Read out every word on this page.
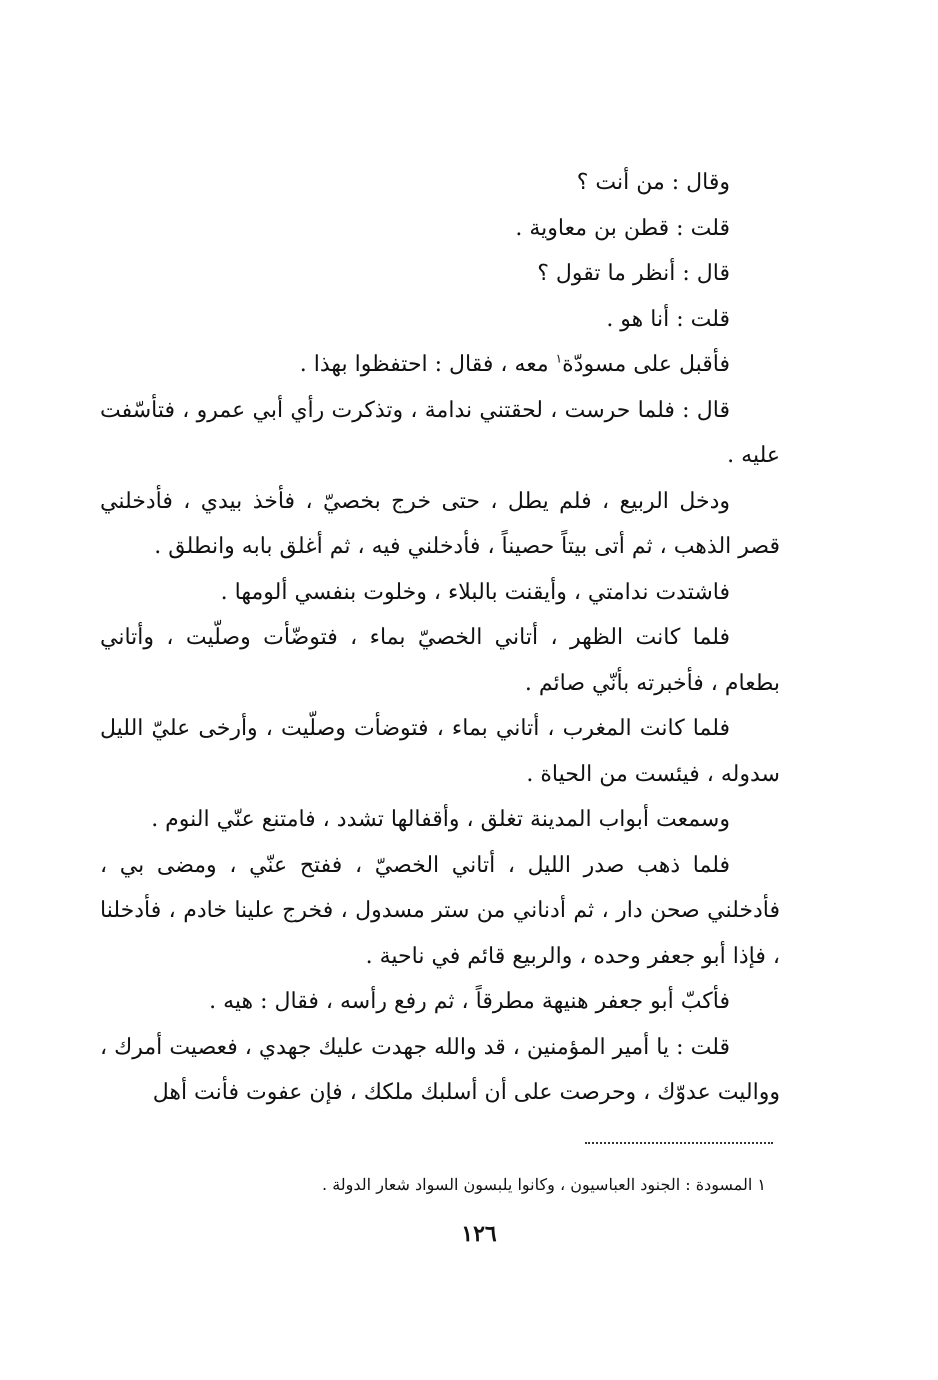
وقال : من أنت ؟

قلت : قطن بن معاوية .

قال : أنظر ما تقول ؟

قلت : أنا هو .

فأقبل على مسودّة$^١$ معه ، فقال : احتفظوا بهذا .

قال : فلما حرست ، لحقتني ندامة ، وتذكرت رأي أبي عمرو ، فتأسّفت عليه .

ودخل الربيع ، فلم يطل ، حتى خرج بخصيّ ، فأخذ بيدي ، فأدخلني قصر الذهب ، ثم أتى بيتاً حصيناً ، فأدخلني فيه ، ثم أغلق بابه وانطلق .

فاشتدت ندامتي ، وأيقنت بالبلاء ، وخلوت بنفسي ألومها .

فلما كانت الظهر ، أتاني الخصيّ بماء ، فتوضّأت وصلّيت ، وأتاني بطعام ، فأخبرته بأنّي صائم .

فلما كانت المغرب ، أتاني بماء ، فتوضأت وصلّيت ، وأرخى عليّ الليل سدوله ، فيئست من الحياة .

وسمعت أبواب المدينة تغلق ، وأقفالها تشدد ، فامتنع عنّي النوم .

فلما ذهب صدر الليل ، أتاني الخصيّ ، ففتح عنّي ، ومضى بي ، فأدخلني صحن دار ، ثم أدناني من ستر مسدول ، فخرج علينا خادم ، فأدخلنا ، فإذا أبو جعفر وحده ، والربيع قائم في ناحية .

فأكبّ أبو جعفر هنيهة مطرقاً ، ثم رفع رأسه ، فقال : هيه .

قلت : يا أمير المؤمنين ، قد والله جهدت عليك جهدي ، فعصيت أمرك ، وواليت عدوّك ، وحرصت على أن أسلبك ملكك ، فإن عفوت فأنت أهل

١ المسودة : الجنود العباسيون ، وكانوا يلبسون السواد شعار الدولة .
١٢٦
